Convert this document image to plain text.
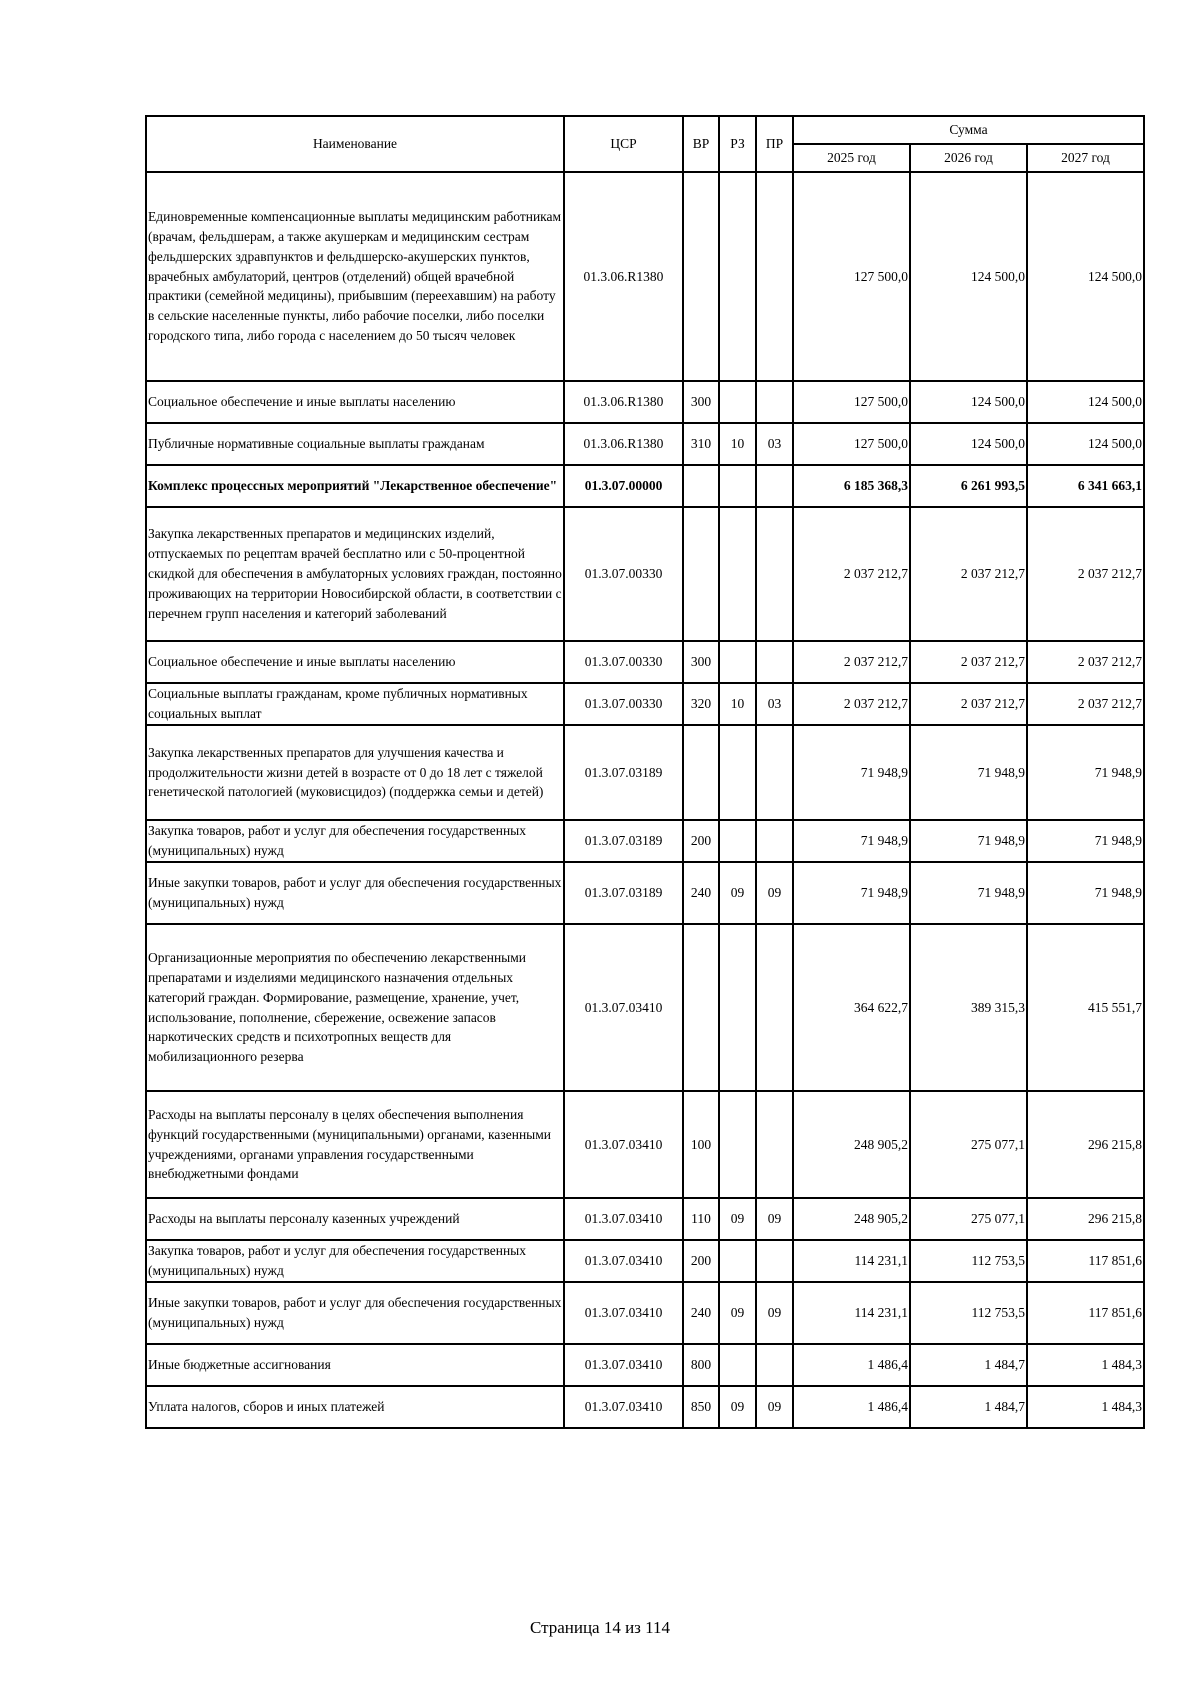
Наименование	ЦСР	ВР	РЗ	ПР	Сумма		
					2025 год	2026 год	2027 год
Единовременные компенсационные выплаты медицинским работникам (врачам, фельдшерам, а также акушеркам и медицинским сестрам фельдшерских здравпунктов и фельдшерско-акушерских пунктов, врачебных амбулаторий, центров (отделений) общей врачебной практики (семейной медицины), прибывшим (переехавшим) на работу в сельские населенные пункты, либо рабочие поселки, либо поселки городского типа, либо города с населением до 50 тысяч человек	01.3.06.R1380				127 500,0	124 500,0	124 500,0
Социальное обеспечение и иные выплаты населению	01.3.06.R1380	300			127 500,0	124 500,0	124 500,0
Публичные нормативные социальные выплаты гражданам	01.3.06.R1380	310	10	03	127 500,0	124 500,0	124 500,0
Комплекс процессных мероприятий "Лекарственное обеспечение"	01.3.07.00000				6 185 368,3	6 261 993,5	6 341 663,1
Закупка лекарственных препаратов и медицинских изделий, отпускаемых по рецептам врачей бесплатно или с 50-процентной скидкой для обеспечения в амбулаторных условиях граждан, постоянно проживающих на территории Новосибирской области, в соответствии с перечнем групп населения и категорий заболеваний	01.3.07.00330				2 037 212,7	2 037 212,7	2 037 212,7
Социальное обеспечение и иные выплаты населению	01.3.07.00330	300			2 037 212,7	2 037 212,7	2 037 212,7
Социальные выплаты гражданам, кроме публичных нормативных социальных выплат	01.3.07.00330	320	10	03	2 037 212,7	2 037 212,7	2 037 212,7
Закупка лекарственных препаратов для улучшения качества и продолжительности жизни детей в возрасте от 0 до 18 лет с тяжелой генетической патологией (муковисцидоз) (поддержка семьи и детей)	01.3.07.03189				71 948,9	71 948,9	71 948,9
Закупка товаров, работ и услуг для обеспечения государственных (муниципальных) нужд	01.3.07.03189	200			71 948,9	71 948,9	71 948,9
Иные закупки товаров, работ и услуг для обеспечения государственных (муниципальных) нужд	01.3.07.03189	240	09	09	71 948,9	71 948,9	71 948,9
Организационные мероприятия по обеспечению лекарственными препаратами и изделиями медицинского назначения отдельных категорий граждан. Формирование, размещение, хранение, учет, использование, пополнение, сбережение, освежение запасов наркотических средств и психотропных веществ для мобилизационного резерва	01.3.07.03410				364 622,7	389 315,3	415 551,7
Расходы на выплаты персоналу в целях обеспечения выполнения функций государственными (муниципальными) органами, казенными учреждениями, органами управления государственными внебюджетными фондами	01.3.07.03410	100			248 905,2	275 077,1	296 215,8
Расходы на выплаты персоналу казенных учреждений	01.3.07.03410	110	09	09	248 905,2	275 077,1	296 215,8
Закупка товаров, работ и услуг для обеспечения государственных (муниципальных) нужд	01.3.07.03410	200			114 231,1	112 753,5	117 851,6
Иные закупки товаров, работ и услуг для обеспечения государственных (муниципальных) нужд	01.3.07.03410	240	09	09	114 231,1	112 753,5	117 851,6
Иные бюджетные ассигнования	01.3.07.03410	800			1 486,4	1 484,7	1 484,3
Уплата налогов, сборов и иных платежей	01.3.07.03410	850	09	09	1 486,4	1 484,7	1 484,3
Страница 14 из 114
